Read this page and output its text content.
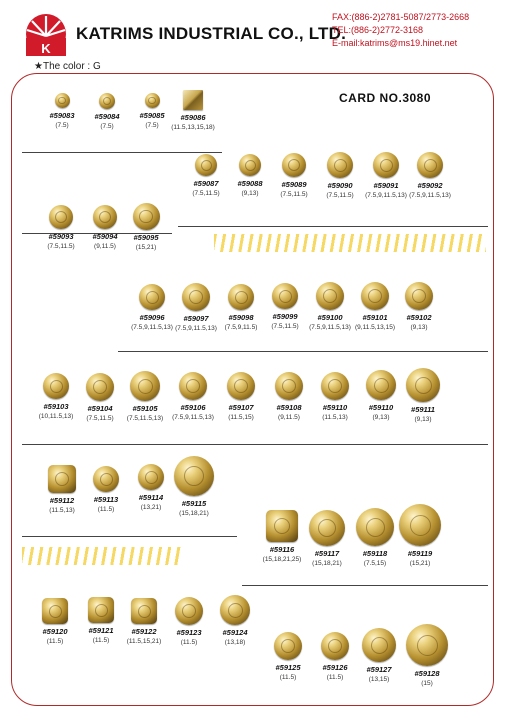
K
KATRIMS INDUSTRIAL CO., LTD.
FAX:(886-2)2781-5087/2773-2668
TEL:(886-2)2772-3168
E-mail:katrims@ms19.hinet.net
★The color : G
CARD NO.3080
#59083
(7.5)
#59084
(7.5)
#59085
(7.5)
#59086
(11.5,13,15,18)
#59087
(7.5,11.5)
#59088
(9,13)
#59089
(7.5,11.5)
#59090
(7.5,11.5)
#59091
(7.5,9,11.5,13)
#59092
(7.5,9,11.5,13)
#59093
(7.5,11.5)
#59094
(9,11.5)
#59095
(15,21)
#59096
(7.5,9,11.5,13)
#59097
(7.5,9,11.5,13)
#59098
(7.5,9,11.5)
#59099
(7.5,11.5)
#59100
(7.5,9,11.5,13)
#59101
(9,11.5,13,15)
#59102
(9,13)
#59103
(10,11.5,13)
#59104
(7.5,11.5)
#59105
(7.5,11.5,13)
#59106
(7.5,9,11.5,13)
#59107
(11.5,15)
#59108
(9,11.5)
#59110
(11.5,13)
#59110
(9,13)
#59111
(9,13)
#59112
(11.5,13)
#59113
(11.5)
#59114
(13,21)	#59115
(15,18,21)
#59116
(15,18,21,25)
#59117
(15,18,21)
#59118
(7.5,15)
#59119
(15,21)
#59120
(11.5)
#59121
(11.5)
#59122
(11.5,15,21)
#59123
(11.5)
#59124
(13,18)
#59125
(11.5)
#59126
(11.5)
#59127
(13,15)
#59128
(15)
